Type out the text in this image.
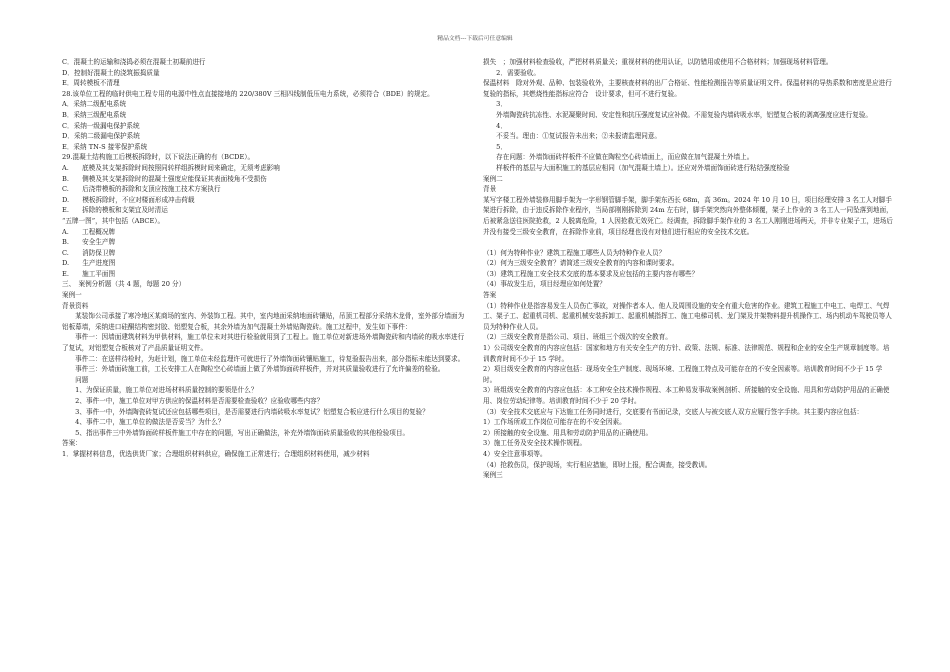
精品文档---下载后可任意编辑
C．混凝土的运输和浇捣必须在混凝土初凝前进行
D．控制好混凝土的浇筑振捣质量
E．周转模板不清理
28.该单位工程的临时供电工程专用的电源中性点直接接地的 220/380V 三相四线制低压电力系统，必须符合（BDE）的规定。
A．采纳二级配电系统
B．采纳三级配电系统
C．采纳一级漏电保护系统
D．采纳二级漏电保护系统
E．采纳 TN-S 接零保护系统
29.混凝土结构施工后模板拆除时，以下说法正确的有（BCDE）。
A.　　底模及其支架拆除时间按照同转样组拆模时间来确定，无须考虑影响
B.　　侧模及其支架拆除时的混凝土强度应能保证其表面棱角不受损伤
C.　　后浇带模板的拆除和支顶应按施工技术方案执行
D.　　模板拆除时，不应对楼面形成冲击荷载
E.　　拆除的模板和支架宜及时清运
“五牌一图”，其中包括（ABCE）。
A.　　工程概况牌
B.　　安全生产牌
C.　　消防保卫牌
D.　　生产进度图
E.　　施工平面图
三、　案例分析题（共 4 题，每题 20 分）
案例一
背景资料
　　某装饰公司承接了寒冷地区某商场的室内、外装饰工程。其中，室内地面采纳地面砖镶贴，吊顶工程部分采纳木龙骨，室外部分墙面为铝板幕墙，采纳进口硅酮结构密封胶、铝塑复合板，其余外墙为加气混凝土外墙贴陶瓷砖。施工过程中，发生如下事件：
　　事件一：因墙面建筑材料为甲供材料，施工单位未对其进行检验就用到了工程上。施工单位对新进场外墙陶瓷砖和内墙砖的吸水率进行了复试，对铝塑复合板核对了产品质量证明文件。
　　事件二：在送样待检时，为赶计划，施工单位未经监理许可就进行了外墙饰面砖镶贴施工，待复验报告出来，部分指标未能达到要求。
　　事件三：外墙面砖施工前，工长安排工人在陶粒空心砖墙面上做了外墙饰面砖样板件，并对其质量验收进行了允许偏差的检验。
　　问题
　　1、为保证质量，施工单位对进场材料质量控制的要领是什么？
　　2、事件一中，施工单位对甲方供应的保温材料是否需要检查验收？应验收哪些内容？
　　3、事件一中，外墙陶瓷砖复试还应包括哪些项目，是否需要进行内墙砖吸水率复试？铝塑复合板应进行什么项目的复验？
　　4、事件二中，施工单位的做法是否妥当？为什么？
　　5、指出事件三中外墙饰面砖样板件施工中存在的问题，写出正确做法，补充外墙饰面砖质量验收的其他检验项目。
答案：
1．掌握材料信息，优选供货厂家；合理组织材料供应，确保施工正常进行；合理组织材料使用，减少材料
损失　；加强材料检查验收，严把材料质量关；重视材料的使用认证，以防错用或使用不合格材料；加强现场材料管理。
　　2．需要验收。
保温材料　除对外观、品种、包装验收外，主要核查材料的出厂合格证、性能检测报告等质量证明文件。保温材料的导热系数和密度是应进行复验的指标，其燃烧性能指标应符合　设计要求，但可不进行复验。
　　3．
　　外墙陶瓷砖抗冻性、水泥凝聚时间、安定性和抗压强度复试应补做。不需复验内墙砖吸水率，铝塑复合板的剥离强度应进行复验。
　　4．
　　不妥当。理由：①复试报告未出来；②未报请监理同意。
　　5．
　　存在问题：外墙饰面砖样板件不应做在陶粒空心砖墙面上，而应做在加气混凝土外墙上。
　　样板件的基层与大面积施工的基层应相同（加气混凝土墙上）。还应对外墙面饰面砖进行粘结强度检验
案例二
背景
某写字楼工程外墙装修用脚手架为一字形钢管脚手架，脚手架东西长 68m，高 36m。2024 年 10 月 10 日，项目经理安排 3 名工人对脚手架进行拆除，由于违反拆除作业程序，当局部刚刚拆除到 24m 左右时，脚手架突然向外整体倾覆，架子上作业的 3 名工人一同坠落到地面，后被紧急送往医院抢救，2 人脱离危险，1 人因抢救无效死亡。经调查，拆除脚手架作业的 3 名工人刚刚进场两天，并非专业架子工，进场后并没有接受三级安全教育，在拆除作业前，项目经理也没有对他们进行相应的安全技术交底。
（1）何为特种作业？建筑工程施工哪些人员为特种作业人员？
（2）何为三级安全教育？请简述三级安全教育的内容和课时要求。
（3）建筑工程施工安全技术交底的基本要求及应包括的主要内容有哪些？
（4）事故发生后，项目经理应如何处置？
答案
（1）特种作业是指容易发生人员伤亡事故，对操作者本人、他人及周围设施的安全有重大危害的作业。建筑工程施工中电工、电焊工、气焊工、架子工、起重机司机、起重机械安装拆卸工、起重机械指挥工、施工电梯司机、龙门架及井架物料提升机操作工、场内机动车驾驶员等人员为特种作业人员。
（2）三级安全教育是指公司、项目、班组三个级次的安全教育。
1）公司级安全教育的内容应包括：国家和地方有关安全生产的方针、政策、法规、标准、法律规范、规程和企业的安全生产规章制度等。培训教育时间不少于 15 学时。
2）项目级安全教育的内容应包括：现场安全生产制度、现场环境、工程施工特点及可能存在的不安全因素等。培训教育时间不少于 15 学时。
3）班组级安全教育的内容应包括：本工种安全技术操作规程、本工种易发事故案例剖析、所接触的安全设施、用具和劳动防护用品的正确使用、岗位劳动纪律等。培训教育时间不少于 20 学时。
（3）安全技术交底应与下达施工任务同时进行，交底要有书面记录，交底人与被交底人双方应履行签字手续。其主要内容应包括：
1）工作场所或工作岗位可能存在的不安全因素。
2）所接触的安全设施、用具和劳动防护用品的正确使用。
3）施工任务及安全技术操作规程。
4）安全注意事项等。
（4）抢救伤员，保护现场，实行相应措施，即时上报，配合调查，接受教训。
案例三
